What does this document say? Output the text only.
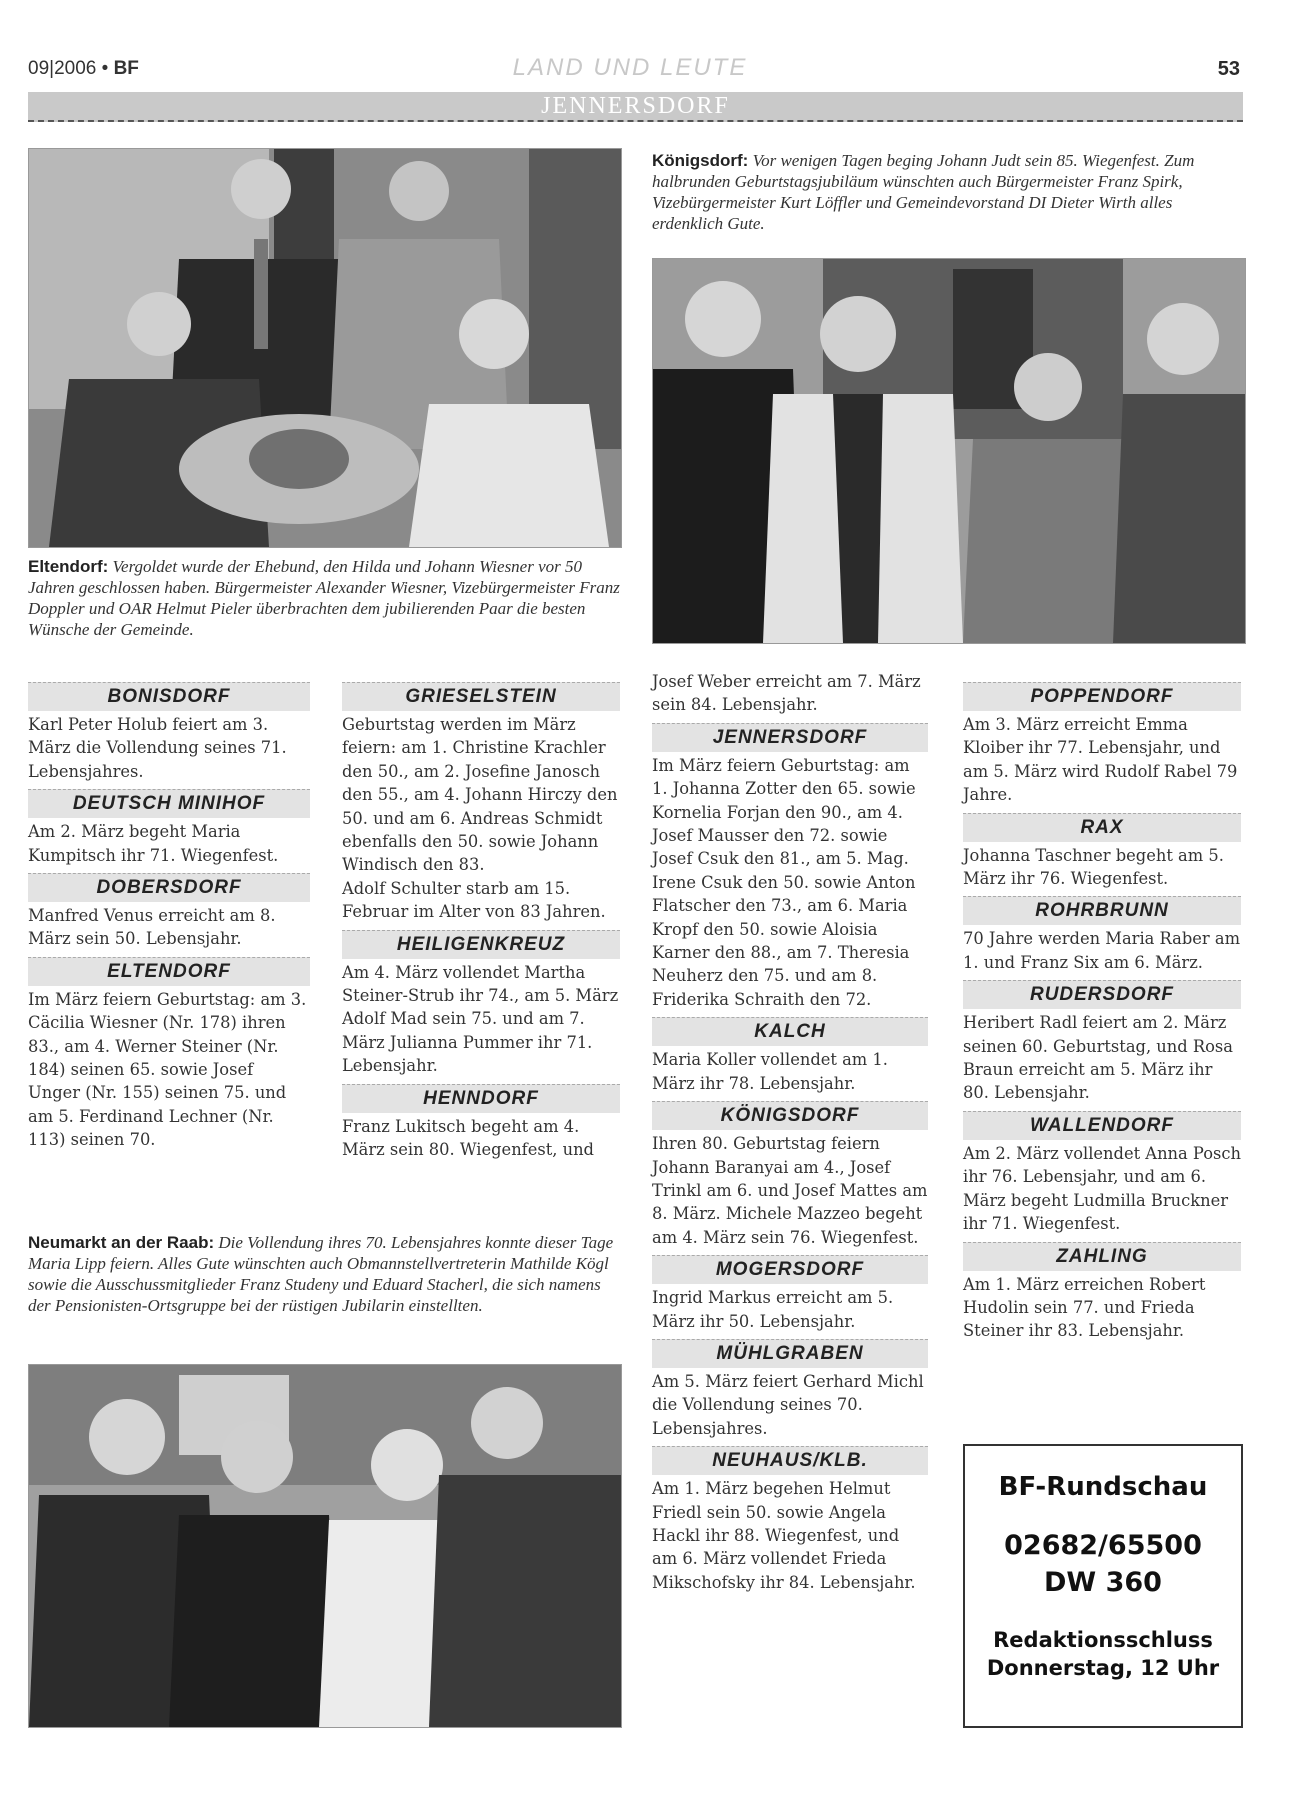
09|2006 • BF	LAND UND LEUTE	53
JENNERSDORF
Eltendorf: Vergoldet wurde der Ehebund, den Hilda und Johann Wiesner vor 50 Jahren geschlossen haben. Bürgermeister Alexander Wiesner, Vizebürgermeister Franz Doppler und OAR Helmut Pieler überbrachten dem jubilierenden Paar die besten Wünsche der Gemeinde.
Königsdorf: Vor wenigen Tagen beging Johann Judt sein 85. Wiegenfest. Zum halbrunden Geburtstagsjubiläum wünschten auch Bürgermeister Franz Spirk, Vizebürgermeister Kurt Löffler und Gemeindevorstand DI Dieter Wirth alles erdenklich Gute.
Neumarkt an der Raab: Die Vollendung ihres 70. Lebensjahres konnte dieser Tage Maria Lipp feiern. Alles Gute wünschten auch Obmannstellvertreterin Mathilde Kögl sowie die Ausschussmitglieder Franz Studeny und Eduard Stacherl, die sich namens der Pensionisten-Ortsgruppe bei der rüstigen Jubilarin einstellten.
BONISDORF

Karl Peter Holub feiert am 3. März die Vollendung seines 71. Lebensjahres.

DEUTSCH MINIHOF

Am 2. März begeht Maria Kumpitsch ihr 71. Wiegenfest.

DOBERSDORF

Manfred Venus erreicht am 8. März sein 50. Lebensjahr.

ELTENDORF

Im März feiern Geburtstag: am 3. Cäcilia Wiesner (Nr. 178) ihren 83., am 4. Werner Steiner (Nr. 184) seinen 65. sowie Josef Unger (Nr. 155) seinen 75. und am 5. Ferdinand Lechner (Nr. 113) seinen 70.

GRIESELSTEIN

Geburtstag werden im März feiern: am 1. Christine Krachler den 50., am 2. Josefine Janosch den 55., am 4. Johann Hirczy den 50. und am 6. Andreas Schmidt ebenfalls den 50. sowie Johann Windisch den 83.

Adolf Schulter starb am 15. Februar im Alter von 83 Jahren.

HEILIGENKREUZ

Am 4. März vollendet Martha Steiner-Strub ihr 74., am 5. März Adolf Mad sein 75. und am 7. März Julianna Pummer ihr 71. Lebensjahr.

HENNDORF

Franz Lukitsch begeht am 4. März sein 80. Wiegenfest, und

Josef Weber erreicht am 7. März sein 84. Lebensjahr.

JENNERSDORF

Im März feiern Geburtstag: am 1. Johanna Zotter den 65. sowie Kornelia Forjan den 90., am 4. Josef Mausser den 72. sowie Josef Csuk den 81., am 5. Mag. Irene Csuk den 50. sowie Anton Flatscher den 73., am 6. Maria Kropf den 50. sowie Aloisia Karner den 88., am 7. Theresia Neuherz den 75. und am 8. Friderika Schraith den 72.

KALCH

Maria Koller vollendet am 1. März ihr 78. Lebensjahr.

KÖNIGSDORF

Ihren 80. Geburtstag feiern Johann Baranyai am 4., Josef Trinkl am 6. und Josef Mattes am 8. März. Michele Mazzeo begeht am 4. März sein 76. Wiegenfest.

MOGERSDORF

Ingrid Markus erreicht am 5. März ihr 50. Lebensjahr.

MÜHLGRABEN

Am 5. März feiert Gerhard Michl die Vollendung seines 70. Lebensjahres.

NEUHAUS/KLB.

Am 1. März begehen Helmut Friedl sein 50. sowie Angela Hackl ihr 88. Wiegenfest, und am 6. März vollendet Frieda Mikschofsky ihr 84. Lebensjahr.

POPPENDORF

Am 3. März erreicht Emma Kloiber ihr 77. Lebensjahr, und am 5. März wird Rudolf Rabel 79 Jahre.

RAX

Johanna Taschner begeht am 5. März ihr 76. Wiegenfest.

ROHRBRUNN

70 Jahre werden Maria Raber am 1. und Franz Six am 6. März.

RUDERSDORF

Heribert Radl feiert am 2. März seinen 60. Geburtstag, und Rosa Braun erreicht am 5. März ihr 80. Lebensjahr.

WALLENDORF

Am 2. März vollendet Anna Posch ihr 76. Lebensjahr, und am 6. März begeht Ludmilla Bruckner ihr 71. Wiegenfest.

ZAHLING

Am 1. März erreichen Robert Hudolin sein 77. und Frieda Steiner ihr 83. Lebensjahr.

BF-Rundschau
02682/65500
DW 360
Redaktionsschluss
Donnerstag, 12 Uhr
